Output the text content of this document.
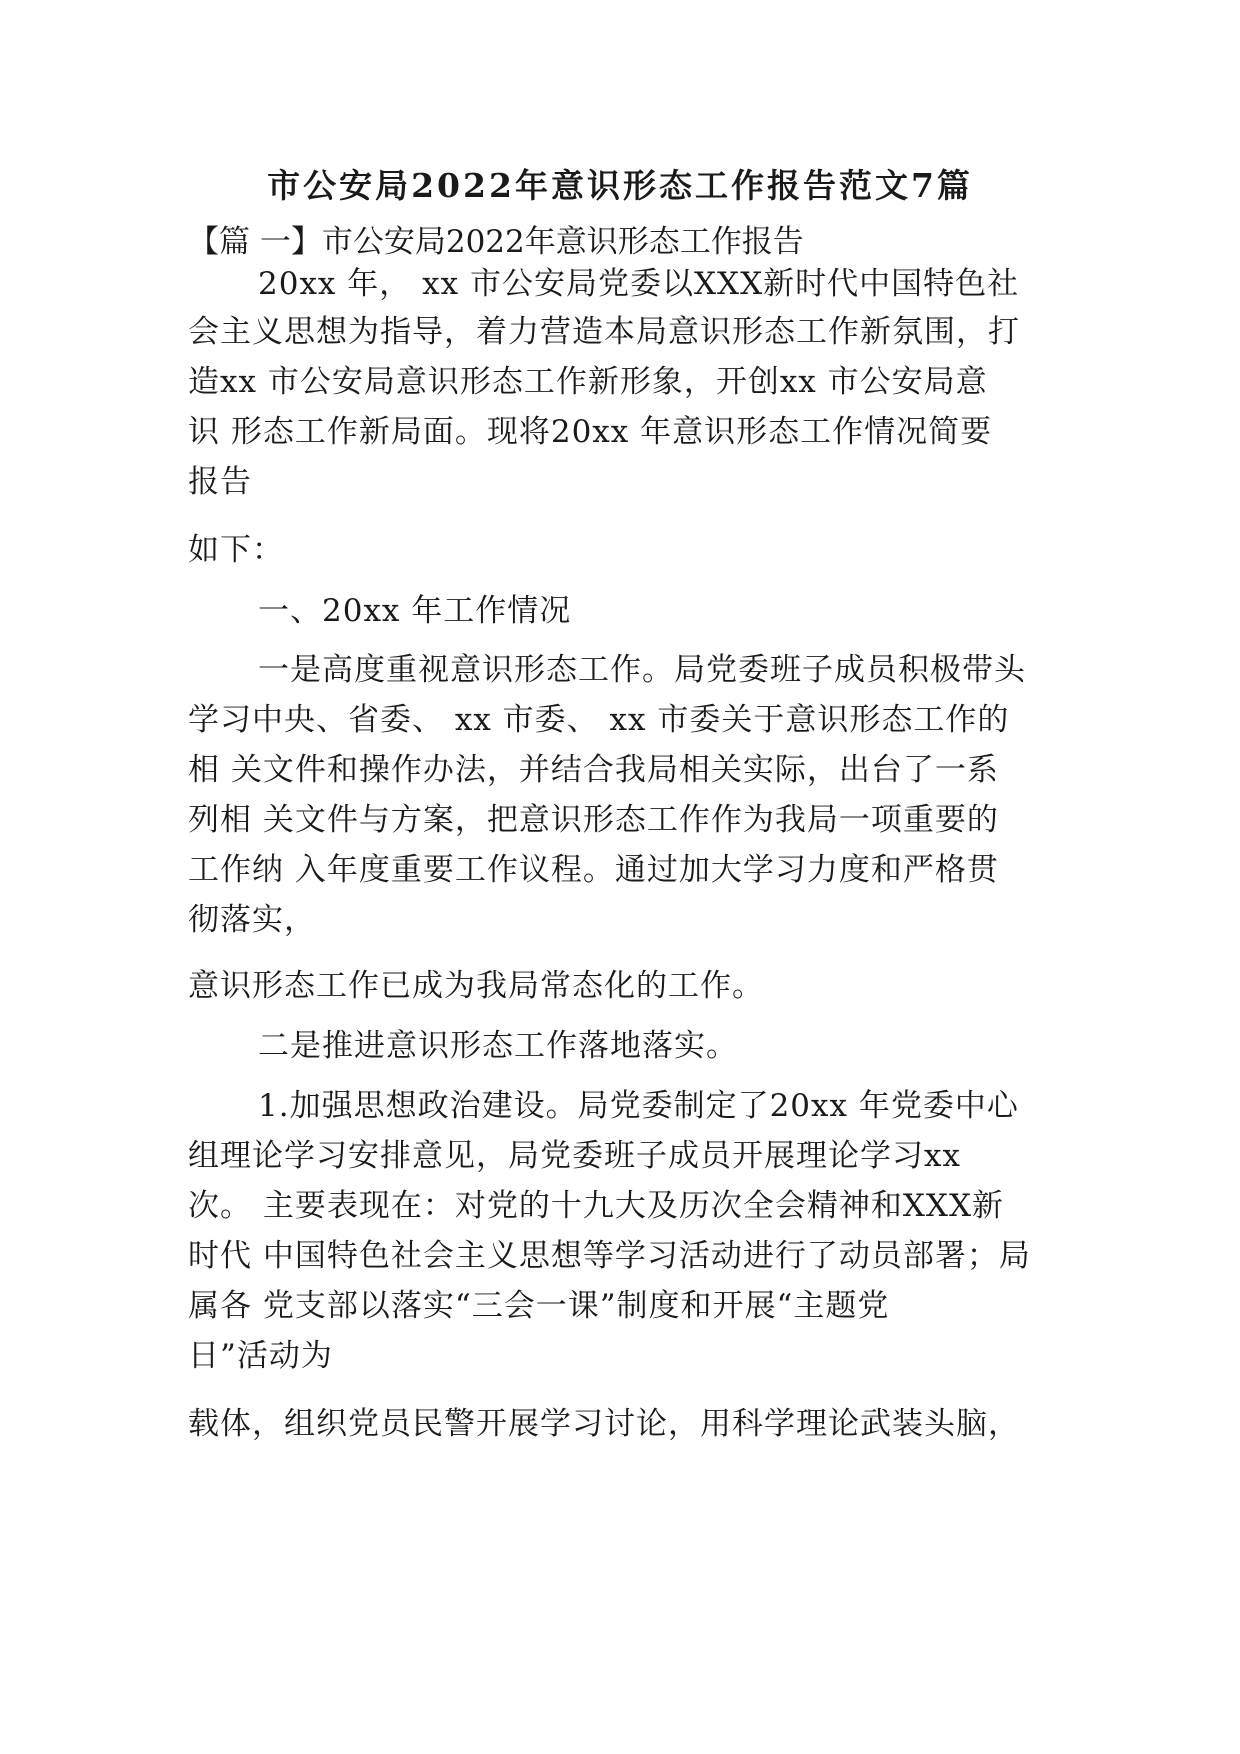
市公安局2022年意识形态工作报告范文7篇
【篇 一】市公安局2022年意识形态工作报告
20xx 年， xx 市公安局党委以XXX新时代中国特色社
会主义思想为指导，着力营造本局意识形态工作新氛围，打
造xx 市公安局意识形态工作新形象，开创xx 市公安局意
识 形态工作新局面。现将20xx 年意识形态工作情况简要
报告
如下：
一、20xx 年工作情况
一是高度重视意识形态工作。局党委班子成员积极带头
学习中央、省委、 xx 市委、 xx 市委关于意识形态工作的
相 关文件和操作办法，并结合我局相关实际，出台了一系
列相 关文件与方案，把意识形态工作作为我局一项重要的
工作纳 入年度重要工作议程。通过加大学习力度和严格贯
彻落实，
意识形态工作已成为我局常态化的工作。
二是推进意识形态工作落地落实。
1.加强思想政治建设。局党委制定了20xx 年党委中心
组理论学习安排意见，局党委班子成员开展理论学习xx
次。 主要表现在：对党的十九大及历次全会精神和XXX新
时代 中国特色社会主义思想等学习活动进行了动员部署；局
属各 党支部以落实“三会一课”制度和开展“主题党
日”活动为
载体，组织党员民警开展学习讨论，用科学理论武装头脑，
